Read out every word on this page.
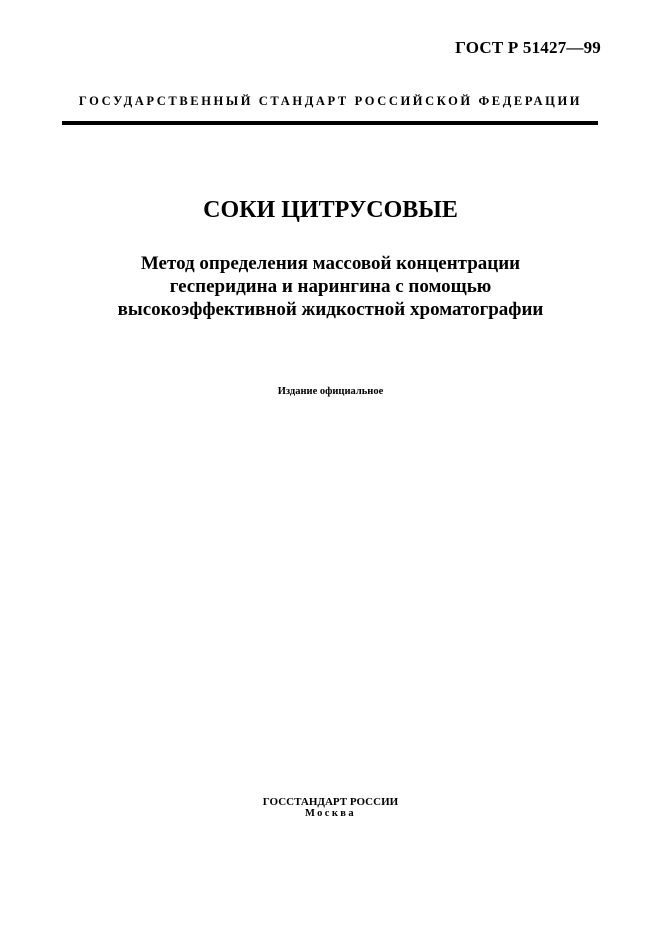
ГОСТ Р 51427—99
ГОСУДАРСТВЕННЫЙ СТАНДАРТ РОССИЙСКОЙ ФЕДЕРАЦИИ
СОКИ ЦИТРУСОВЫЕ
Метод определения массовой концентрации
гесперидина и нарингина с помощью
высокоэффективной жидкостной хроматографии
Издание официальное
ГОССТАНДАРТ РОССИИ
Москва
